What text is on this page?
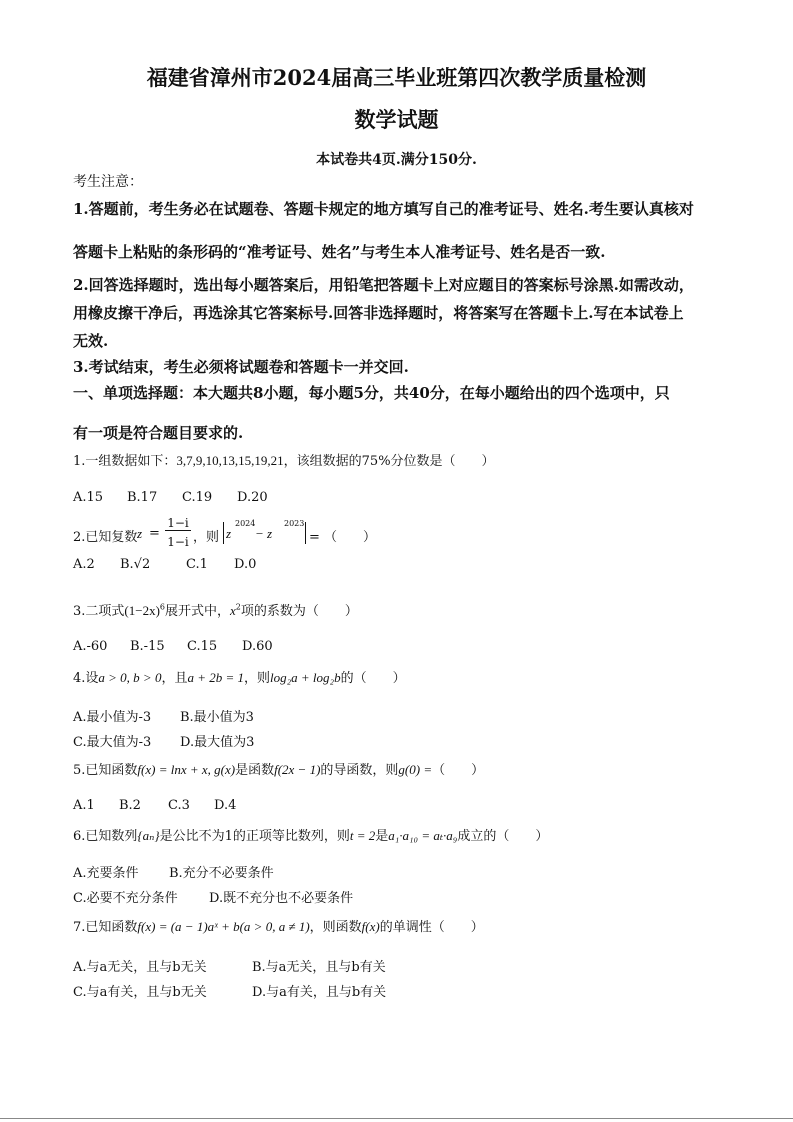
福建省漳州市2024届高三毕业班第四次教学质量检测
数学试题
本试卷共4页.满分150分.
考生注意：
1.答题前，考生务必在试题卷、答题卡规定的地方填写自己的准考证号、姓名.考生要认真核对
答题卡上粘贴的条形码的“准考证号、姓名”与考生本人准考证号、姓名是否一致.
2.回答选择题时，选出每小题答案后，用铅笔把答题卡上对应题目的答案标号涂黑.如需改动，
用橡皮擦干净后，再选涂其它答案标号.回答非选择题时，将答案写在答题卡上.写在本试卷上
无效.
3.考试结束，考生必须将试题卷和答题卡一并交回.
一、单项选择题：本大题共8小题，每小题5分，共40分，在每小题给出的四个选项中，只
有一项是符合题目要求的.
1.一组数据如下：3,7,9,10,13,15,19,21，该组数据的75%分位数是（　　）
A.15 B.17 C.19 D.20
2.已知复数 z =
1−i
1−i ，则 z
2024
− z
2023
= （　　）
A.2 B.√2	C.1 D.0
3.二项式$(1-2x)^6$展开式中，$x^2$项的系数为（　　）
A.-60 B.-15 C.15 D.60
4.设a > 0, b > 0，且a + 2b = 1，则log₂a + log₂b的（　　）
A.最小值为-3 B.最小值为3
C.最大值为-3 D.最大值为3
5.已知函数f(x) = lnx + x, g(x)是函数f(2x − 1)的导函数，则g(0) =（　　）
A.1 B.2 C.3 D.4
6.已知数列{aₙ}是公比不为1的正项等比数列，则t = 2是a₁·a₁₀ = aₜ·a₉成立的（　　）
A.充要条件 B.充分不必要条件
C.必要不充分条件 D.既不充分也不必要条件
7.已知函数f(x) = (a − 1)aˣ + b(a > 0, a ≠ 1)，则函数f(x)的单调性（　　）
A.与a无关，且与b无关	B.与a无关，且与b有关
C.与a有关，且与b无关	D.与a有关，且与b有关
